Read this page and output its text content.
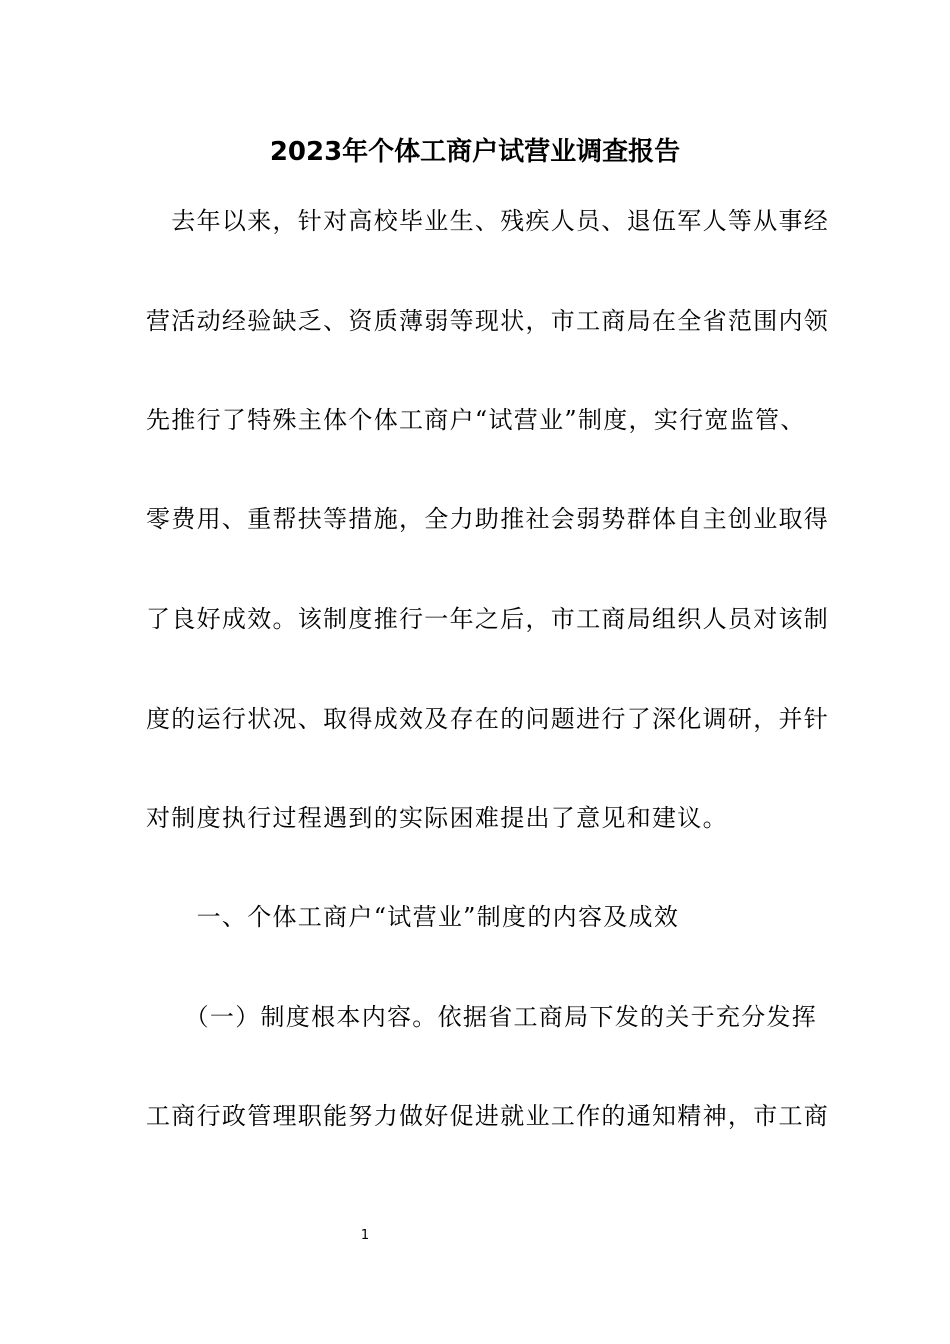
2023年个体工商户试营业调查报告
　去年以来，针对高校毕业生、残疾人员、退伍军人等从事经
营活动经验缺乏、资质薄弱等现状，市工商局在全省范围内领
先推行了特殊主体个体工商户“试营业”制度，实行宽监管、
零费用、重帮扶等措施，全力助推社会弱势群体自主创业取得
了良好成效。该制度推行一年之后，市工商局组织人员对该制
度的运行状况、取得成效及存在的问题进行了深化调研，并针
对制度执行过程遇到的实际困难提出了意见和建议。
　　一、个体工商户“试营业”制度的内容及成效
　　（一）制度根本内容。依据省工商局下发的关于充分发挥
工商行政管理职能努力做好促进就业工作的通知精神，市工商
1
